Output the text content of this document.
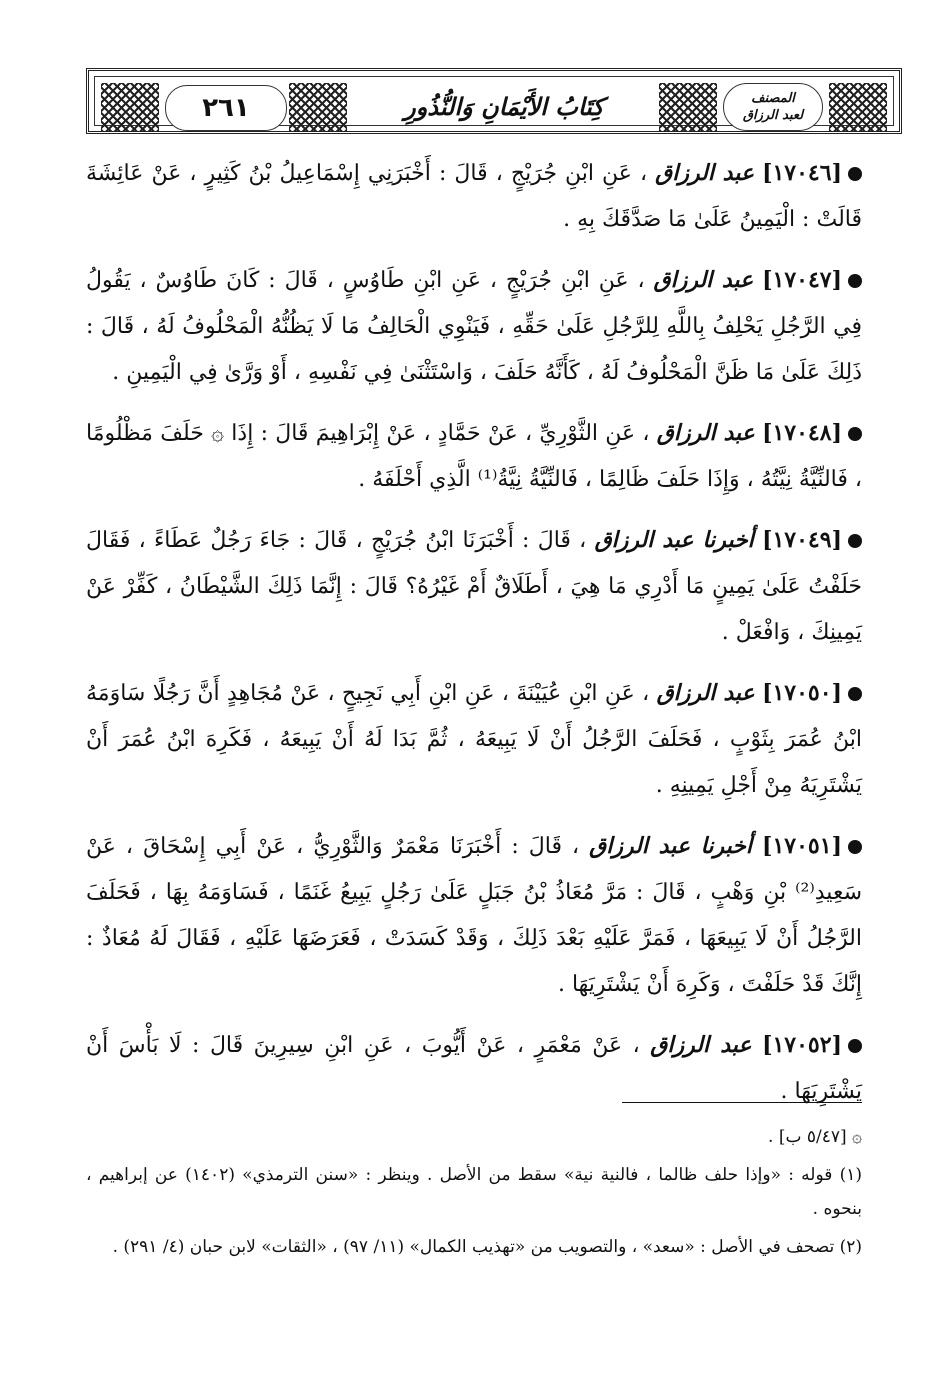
٢٦١	كِتَابُ الأَيْمَانِ وَالنُّذُورِ	المصنف
لعبد الرزاق

[١٧٠٤٦] عبد الرزاق ، عَنِ ابْنِ جُرَيْجٍ ، قَالَ : أَخْبَرَنِي إِسْمَاعِيلُ بْنُ كَثِيرٍ ، عَنْ عَائِشَةَ قَالَتْ : الْيَمِينُ عَلَىٰ مَا صَدَّقَكَ بِهِ .

[١٧٠٤٧] عبد الرزاق ، عَنِ ابْنِ جُرَيْجٍ ، عَنِ ابْنِ طَاوُسٍ ، قَالَ : كَانَ طَاوُسٌ ، يَقُولُ فِي الرَّجُلِ يَحْلِفُ بِاللَّهِ لِلرَّجُلِ عَلَىٰ حَقِّهِ ، فَيَنْوِي الْحَالِفُ مَا لَا يَظُنُّهُ الْمَحْلُوفُ لَهُ ، قَالَ : ذَلِكَ عَلَىٰ مَا ظَنَّ الْمَحْلُوفُ لَهُ ، كَأَنَّهُ حَلَفَ ، وَاسْتَثْنَىٰ فِي نَفْسِهِ ، أَوْ وَرَّىٰ فِي الْيَمِينِ .

[١٧٠٤٨] عبد الرزاق ، عَنِ الثَّوْرِيِّ ، عَنْ حَمَّادٍ ، عَنْ إِبْرَاهِيمَ قَالَ : إِذَا ۞ حَلَفَ مَظْلُومًا ، فَالنِّيَّةُ نِيَّتُهُ ، وَإِذَا حَلَفَ ظَالِمًا ، فَالنِّيَّةُ نِيَّةُ⁽¹⁾ الَّذِي أَحْلَفَهُ .

[١٧٠٤٩] أخبرنا عبد الرزاق ، قَالَ : أَخْبَرَنَا ابْنُ جُرَيْجٍ ، قَالَ : جَاءَ رَجُلٌ عَطَاءً ، فَقَالَ حَلَفْتُ عَلَىٰ يَمِينٍ مَا أَدْرِي مَا هِيَ ، أَطَلَاقٌ أَمْ غَيْرُهُ؟ قَالَ : إِنَّمَا ذَلِكَ الشَّيْطَانُ ، كَفِّرْ عَنْ يَمِينِكَ ، وَافْعَلْ .

[١٧٠٥٠] عبد الرزاق ، عَنِ ابْنِ عُيَيْنَةَ ، عَنِ ابْنِ أَبِي نَجِيحٍ ، عَنْ مُجَاهِدٍ أَنَّ رَجُلًا سَاوَمَهُ ابْنُ عُمَرَ بِثَوْبٍ ، فَحَلَفَ الرَّجُلُ أَنْ لَا يَبِيعَهُ ، ثُمَّ بَدَا لَهُ أَنْ يَبِيعَهُ ، فَكَرِهَ ابْنُ عُمَرَ أَنْ يَشْتَرِيَهُ مِنْ أَجْلِ يَمِينِهِ .

[١٧٠٥١] أخبرنا عبد الرزاق ، قَالَ : أَخْبَرَنَا مَعْمَرٌ وَالثَّوْرِيُّ ، عَنْ أَبِي إِسْحَاقَ ، عَنْ سَعِيدِ⁽²⁾ بْنِ وَهْبٍ ، قَالَ : مَرَّ مُعَاذُ بْنُ جَبَلٍ عَلَىٰ رَجُلٍ يَبِيعُ غَنَمًا ، فَسَاوَمَهُ بِهَا ، فَحَلَفَ الرَّجُلُ أَنْ لَا يَبِيعَهَا ، فَمَرَّ عَلَيْهِ بَعْدَ ذَلِكَ ، وَقَدْ كَسَدَتْ ، فَعَرَضَهَا عَلَيْهِ ، فَقَالَ لَهُ مُعَاذٌ : إِنَّكَ قَدْ حَلَفْتَ ، وَكَرِهَ أَنْ يَشْتَرِيَهَا .

[١٧٠٥٢] عبد الرزاق ، عَنْ مَعْمَرٍ ، عَنْ أَيُّوبَ ، عَنِ ابْنِ سِيرِينَ قَالَ : لَا بَأْسَ أَنْ يَشْتَرِيَهَا .

۞ [٥/٤٧ ب] .

(١) قوله : «وإذا حلف ظالما ، فالنية نية» سقط من الأصل . وينظر : «سنن الترمذي» (١٤٠٢) عن إبراهيم ، بنحوه .

(٢) تصحف في الأصل : «سعد» ، والتصويب من «تهذيب الكمال» (١١/ ٩٧) ، «الثقات» لابن حبان (٤/ ٢٩١) .
